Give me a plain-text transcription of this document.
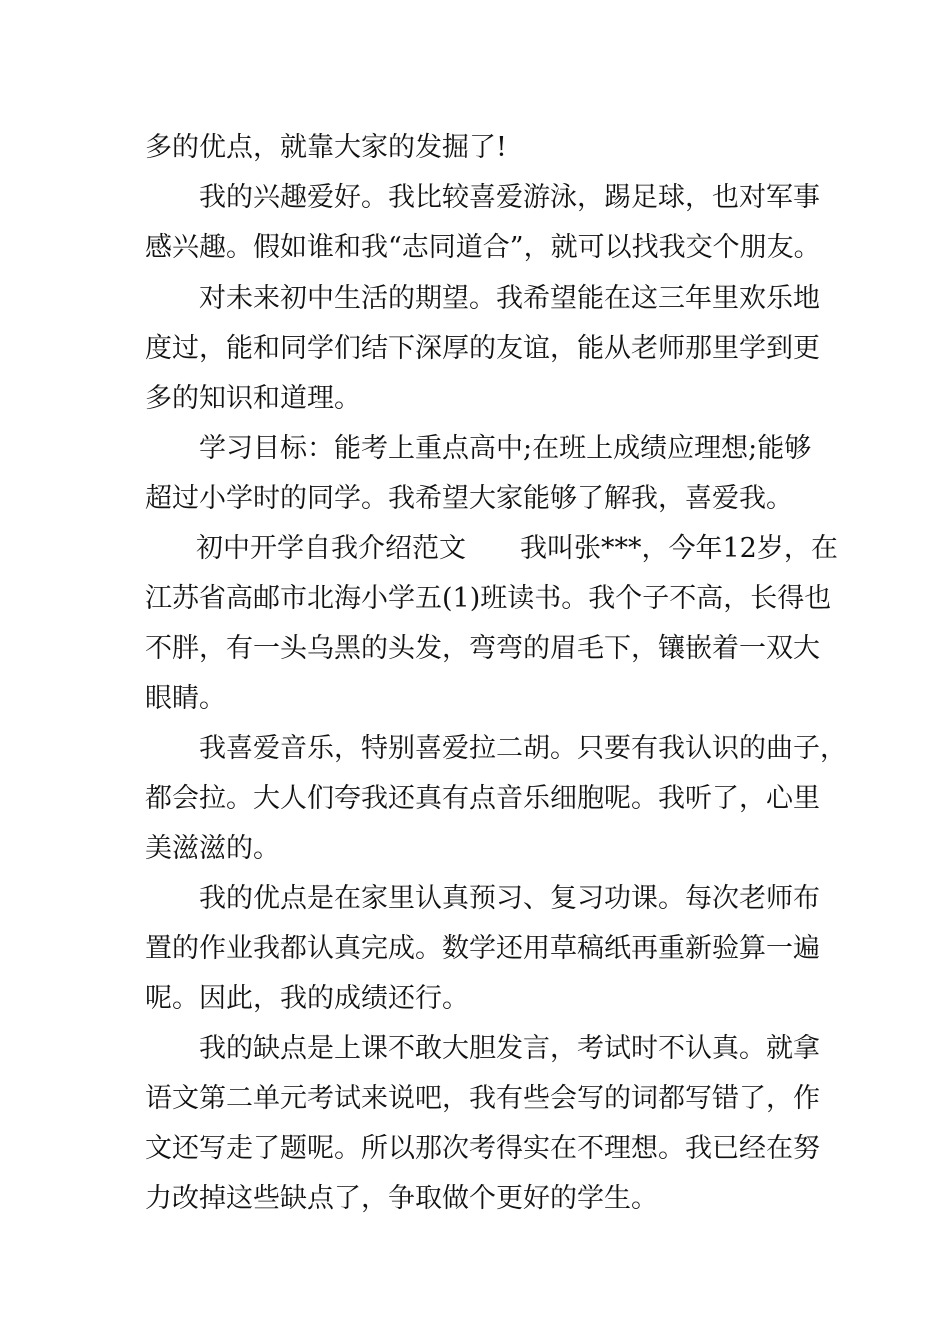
多的优点，就靠大家的发掘了!

我的兴趣爱好。我比较喜爱游泳，踢足球，也对军事

感兴趣。假如谁和我“志同道合”，就可以找我交个朋友。

对未来初中生活的期望。我希望能在这三年里欢乐地

度过，能和同学们结下深厚的友谊，能从老师那里学到更

多的知识和道理。

学习目标：能考上重点高中;在班上成绩应理想;能够

超过小学时的同学。我希望大家能够了解我，喜爱我。

初中开学自我介绍范文　　我叫张***，今年12岁，在

江苏省高邮市北海小学五(1)班读书。我个子不高，长得也

不胖，有一头乌黑的头发，弯弯的眉毛下，镶嵌着一双大

眼睛。

我喜爱音乐，特别喜爱拉二胡。只要有我认识的曲子，

都会拉。大人们夸我还真有点音乐细胞呢。我听了，心里

美滋滋的。

我的优点是在家里认真预习、复习功课。每次老师布

置的作业我都认真完成。数学还用草稿纸再重新验算一遍

呢。因此，我的成绩还行。

我的缺点是上课不敢大胆发言，考试时不认真。就拿

语文第二单元考试来说吧，我有些会写的词都写错了，作

文还写走了题呢。所以那次考得实在不理想。我已经在努

力改掉这些缺点了，争取做个更好的学生。
